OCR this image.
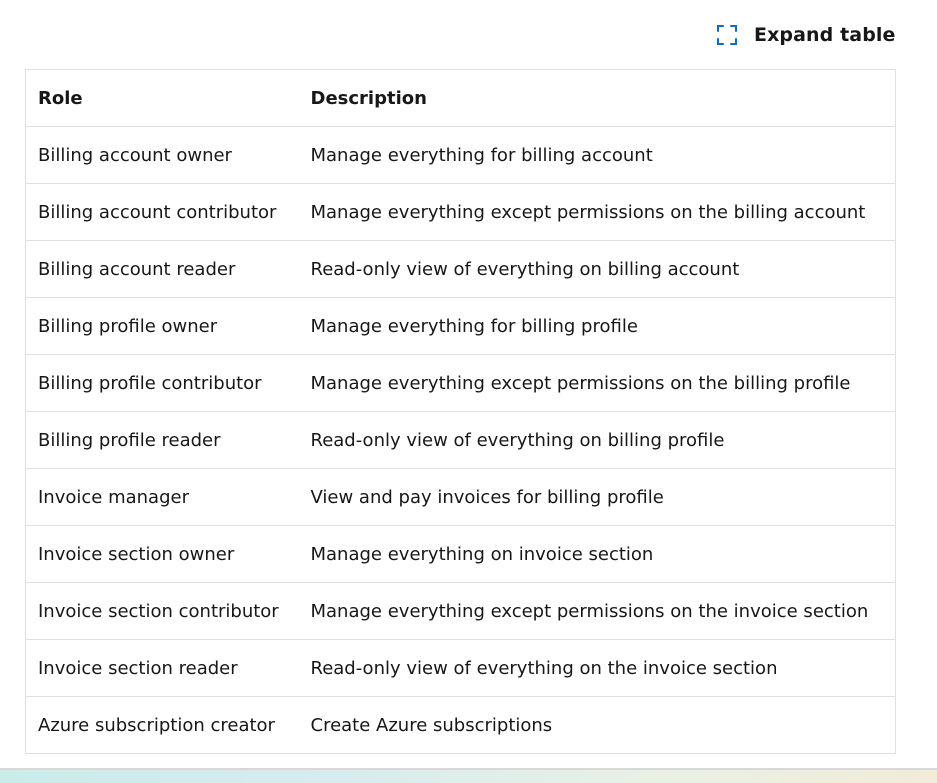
Expand table
Role	Description
Billing account owner	Manage everything for billing account
Billing account contributor	Manage everything except permissions on the billing account
Billing account reader	Read-only view of everything on billing account
Billing profile owner	Manage everything for billing profile
Billing profile contributor	Manage everything except permissions on the billing profile
Billing profile reader	Read-only view of everything on billing profile
Invoice manager	View and pay invoices for billing profile
Invoice section owner	Manage everything on invoice section
Invoice section contributor	Manage everything except permissions on the invoice section
Invoice section reader	Read-only view of everything on the invoice section
Azure subscription creator	Create Azure subscriptions
